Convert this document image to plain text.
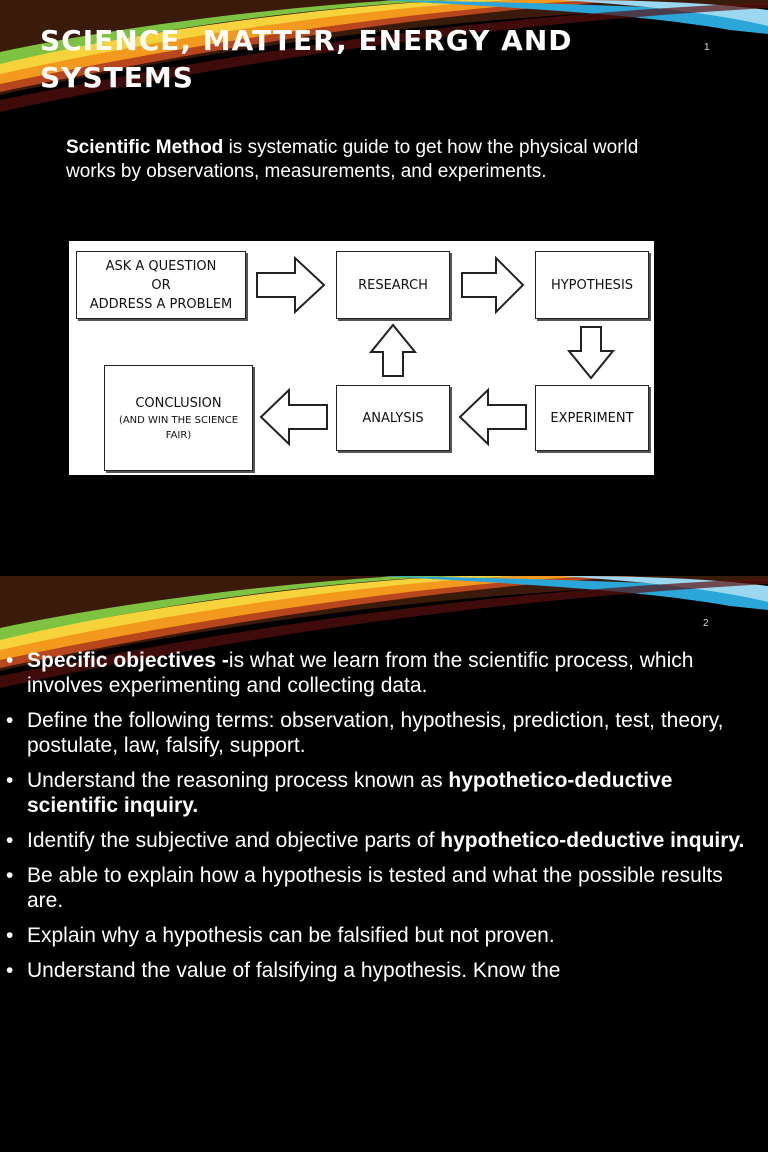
SCIENCE, MATTER, ENERGY AND SYSTEMS
1

Scientific Method is systematic guide to get how the physical world works by observations, measurements, and experiments.

ASK A QUESTION
OR
ADDRESS A PROBLEM
RESEARCH	HYPOTHESIS
EXPERIMENT
ANALYSIS
CONCLUSION
(AND WIN THE SCIENCE
FAIR)
2
• Specific objectives -is what we learn from the scientific process, which involves experimenting and collecting data.
• Define the following terms: observation, hypothesis, prediction, test, theory, postulate, law, falsify, support.
• Understand the reasoning process known as hypothetico-deductive scientific inquiry.
• Identify the subjective and objective parts of hypothetico-deductive inquiry.
• Be able to explain how a hypothesis is tested and what the possible results are.
• Explain why a hypothesis can be falsified but not proven.
• Understand the value of falsifying a hypothesis. Know the
